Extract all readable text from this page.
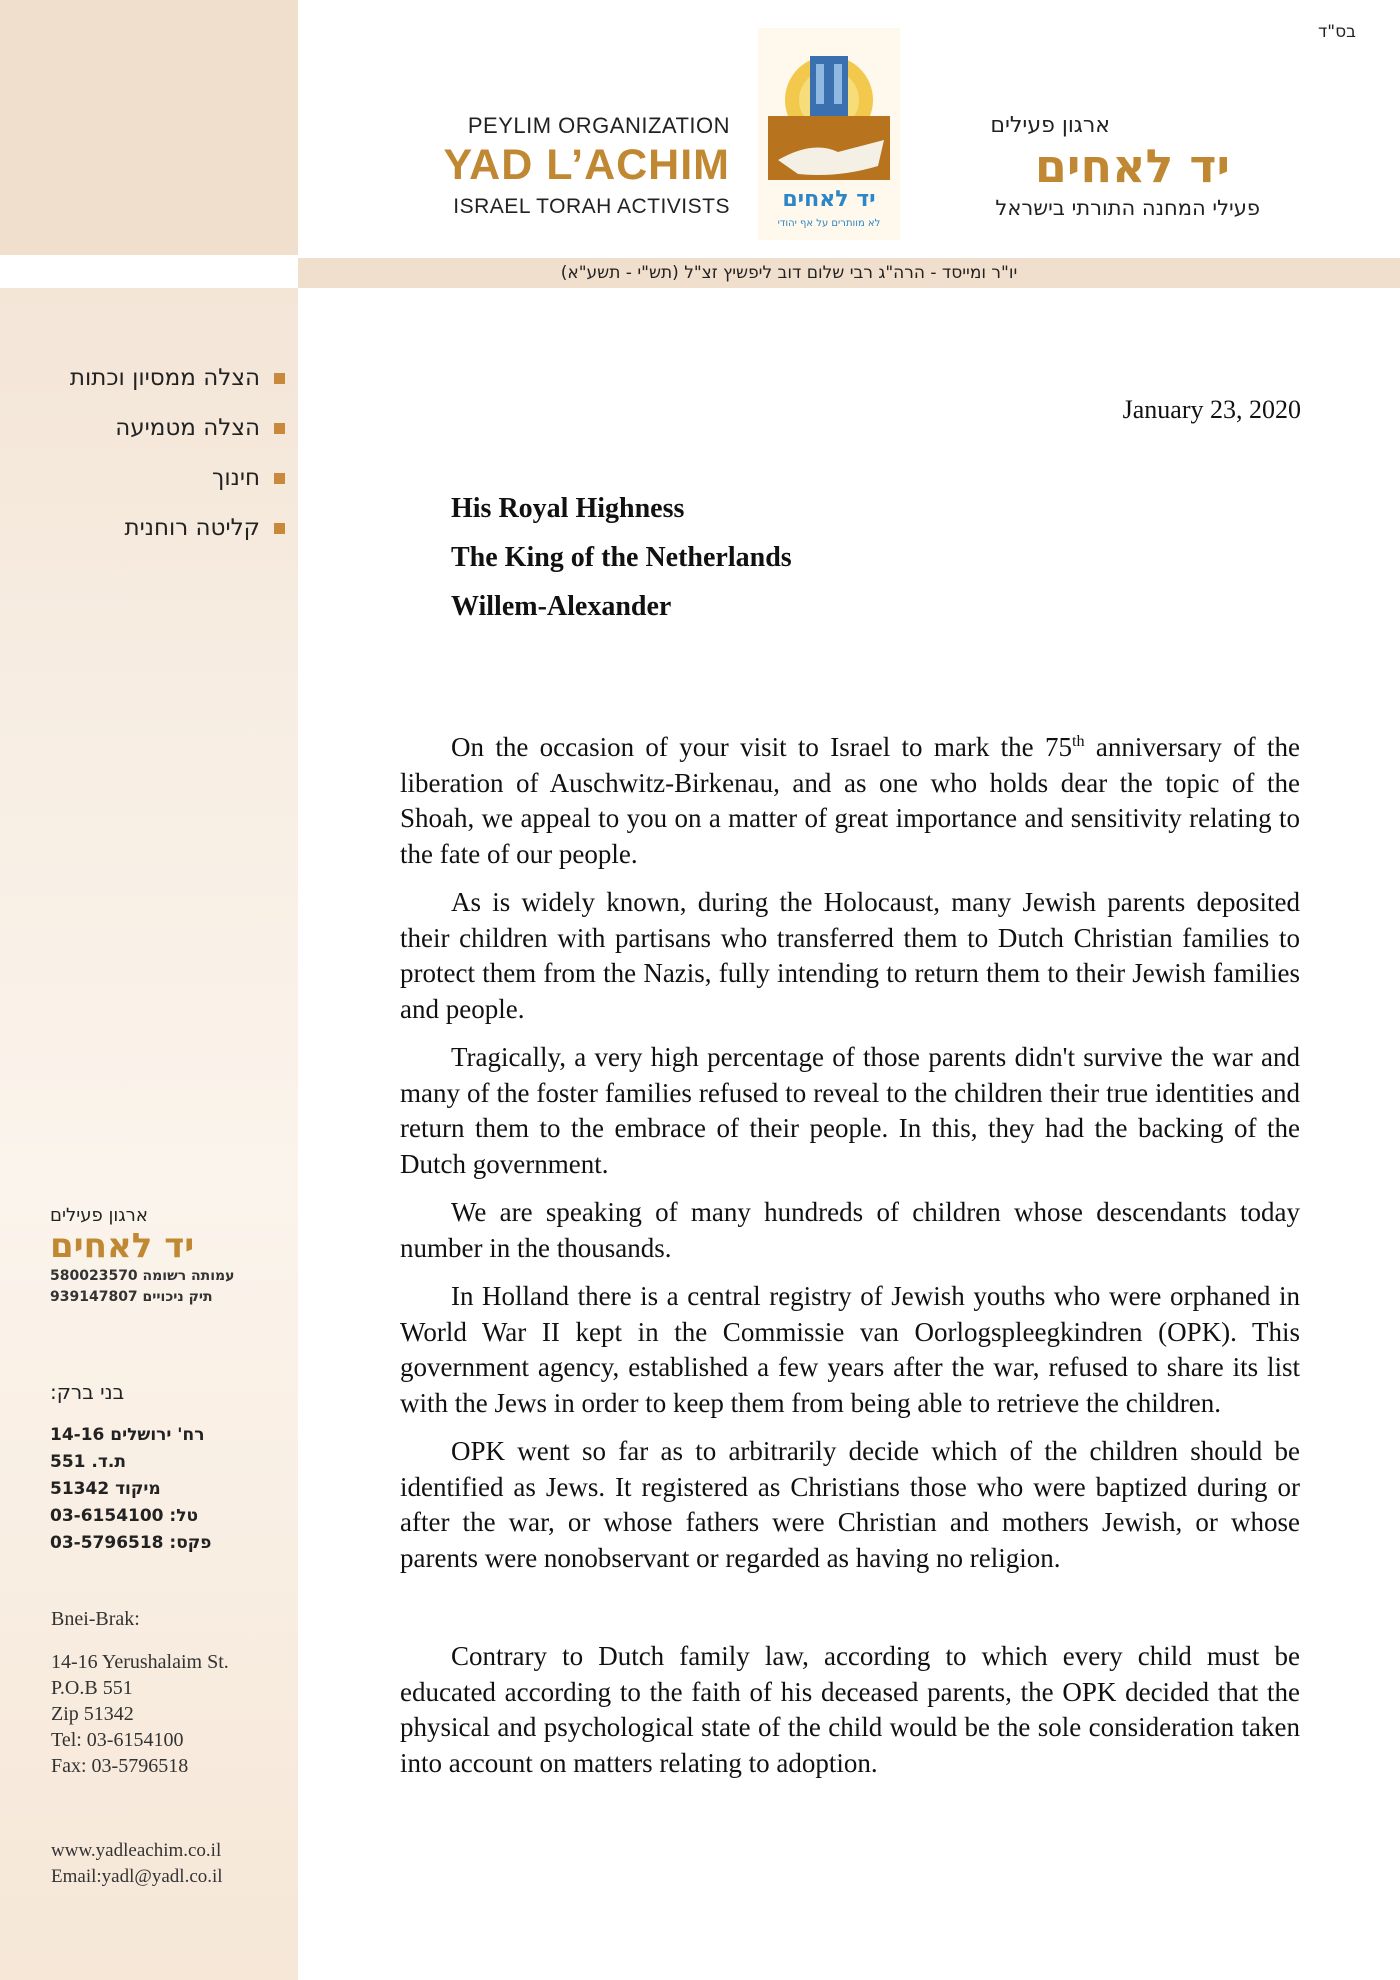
יו"ר ומייסד - הרה"ג רבי שלום דוב ליפשיץ זצ"ל (תש"י - תשע"א)
בס"ד
PEYLIM ORGANIZATION
YAD L’ACHIM
ISRAEL TORAH ACTIVISTS יד לאחים
לא מוותרים על אף יהודי
ארגון פעילים
יד לאחים
פעילי המחנה התורתי בישראל
הצלה ממסיון וכתות
הצלה מטמיעה
חינוך
קליטה רוחנית
ארגון פעילים
יד לאחים
580023570 עמותה רשומה
939147807 תיק ניכויים
בני ברק:
14-16 רח' ירושלים
551 .ת.ד
51342 מיקוד
03-6154100 :טל
03-5796518 :פקס
Bnei-Brak:
14-16 Yerushalaim St.
P.O.B 551
Zip 51342
Tel: 03-6154100
Fax: 03-5796518
www.yadleachim.co.il
Email:yadl@yadl.co.il
January 23, 2020
His Royal Highness
The King of the Netherlands
Willem-Alexander

On the occasion of your visit to Israel to mark the 75th anniversary of the liberation of Auschwitz-Birkenau, and as one who holds dear the topic of the Shoah, we appeal to you on a matter of great importance and sensitivity relating to the fate of our people.

As is widely known, during the Holocaust, many Jewish parents deposited their children with partisans who transferred them to Dutch Christian families to protect them from the Nazis, fully intending to return them to their Jewish families and people.

Tragically, a very high percentage of those parents didn't survive the war and many of the foster families refused to reveal to the children their true identities and return them to the embrace of their people. In this, they had the backing of the Dutch government.

We are speaking of many hundreds of children whose descendants today number in the thousands.

In Holland there is a central registry of Jewish youths who were orphaned in World War II kept in the Commissie van Oorlogspleegkindren (OPK). This government agency, established a few years after the war, refused to share its list with the Jews in order to keep them from being able to retrieve the children.

OPK went so far as to arbitrarily decide which of the children should be identified as Jews. It registered as Christians those who were baptized during or after the war, or whose fathers were Christian and mothers Jewish, or whose parents were nonobservant or regarded as having no religion.

Contrary to Dutch family law, according to which every child must be educated according to the faith of his deceased parents, the OPK decided that the physical and psychological state of the child would be the sole consideration taken into account on matters relating to adoption.
